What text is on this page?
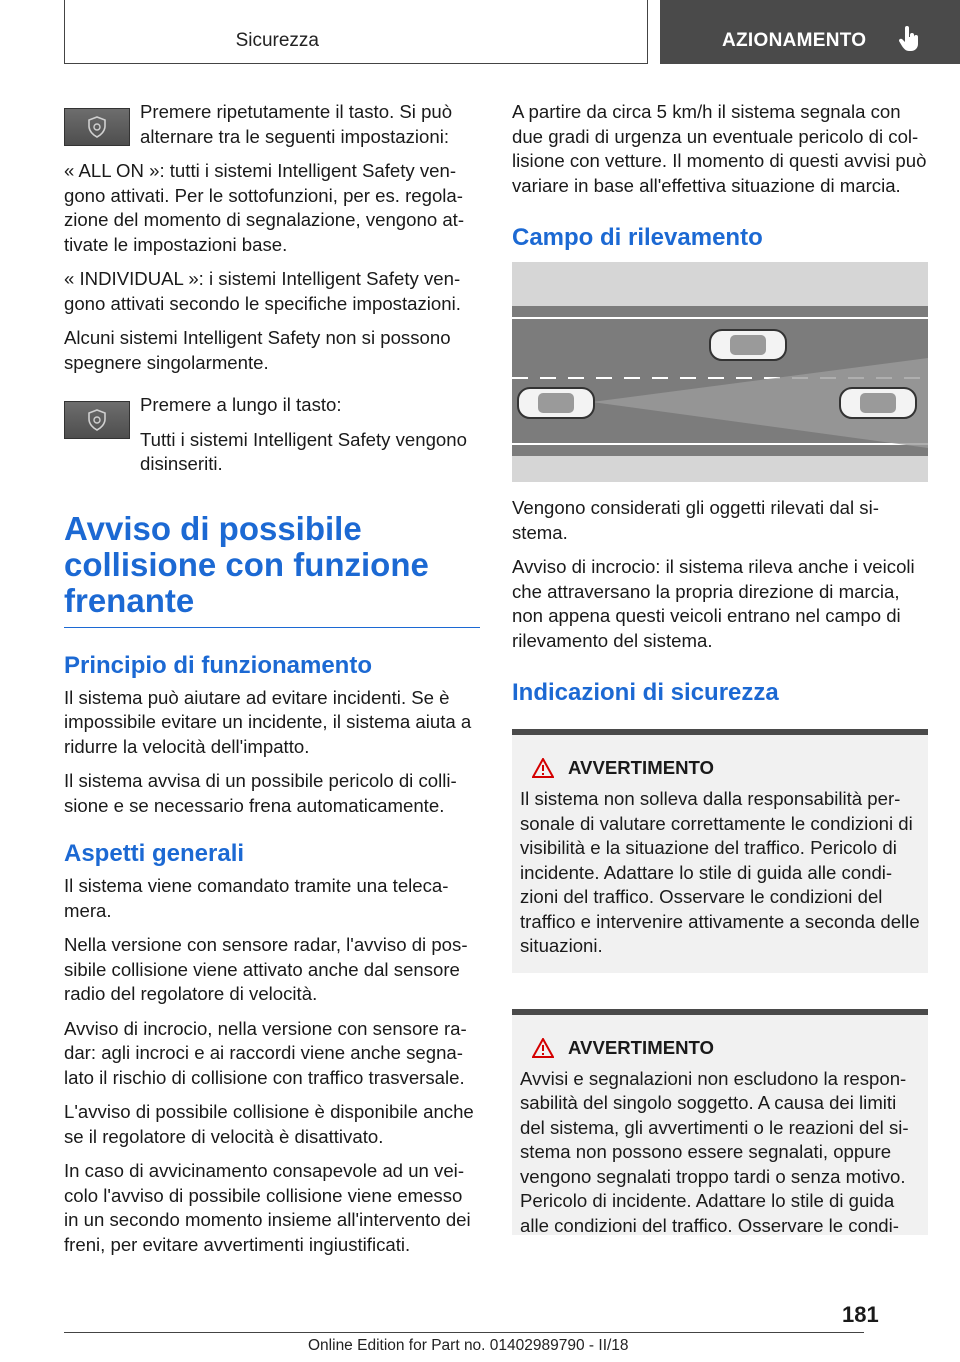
Sicurezza	AZIONAMENTO

Premere ripetutamente il tasto. Si può alternare tra le seguenti impostazioni:

« ALL ON »: tutti i sistemi Intelligent Safety vengono attivati. Per le sottofunzioni, per es. regolazione del momento di segnalazione, vengono attivate le impostazioni base.

« INDIVIDUAL »: i sistemi Intelligent Safety vengono attivati secondo le specifiche impostazioni.

Alcuni sistemi Intelligent Safety non si possono spegnere singolarmente.

Premere a lungo il tasto:

Tutti i sistemi Intelligent Safety vengono disinseriti.

Avviso di possibile collisione con funzione frenante
Principio di funzionamento

Il sistema può aiutare ad evitare incidenti. Se è impossibile evitare un incidente, il sistema aiuta a ridurre la velocità dell'impatto.

Il sistema avvisa di un possibile pericolo di collisione e se necessario frena automaticamente.

Aspetti generali

Il sistema viene comandato tramite una telecamera.

Nella versione con sensore radar, l'avviso di possibile collisione viene attivato anche dal sensore radio del regolatore di velocità.

Avviso di incrocio, nella versione con sensore radar: agli incroci e ai raccordi viene anche segnalato il rischio di collisione con traffico trasversale.

L'avviso di possibile collisione è disponibile anche se il regolatore di velocità è disattivato.

In caso di avvicinamento consapevole ad un veicolo l'avviso di possibile collisione viene emesso in un secondo momento insieme all'intervento dei freni, per evitare avvertimenti ingiustificati.

A partire da circa 5 km/h il sistema segnala con due gradi di urgenza un eventuale pericolo di collisione con vetture. Il momento di questi avvisi può variare in base all'effettiva situazione di marcia.

Campo di rilevamento

Vengono considerati gli oggetti rilevati dal sistema.

Avviso di incrocio: il sistema rileva anche i veicoli che attraversano la propria direzione di marcia, non appena questi veicoli entrano nel campo di rilevamento del sistema.

Indicazioni di sicurezza
AVVERTIMENTO

Il sistema non solleva dalla responsabilità personale di valutare correttamente le condizioni di visibilità e la situazione del traffico. Pericolo di incidente. Adattare lo stile di guida alle condizioni del traffico. Osservare le condizioni del traffico e intervenire attivamente a seconda delle situazioni.

AVVERTIMENTO

Avvisi e segnalazioni non escludono la responsabilità del singolo soggetto. A causa dei limiti del sistema, gli avvertimenti o le reazioni del sistema non possono essere segnalati, oppure vengono segnalati troppo tardi o senza motivo. Pericolo di incidente. Adattare lo stile di guida alle condizioni del traffico. Osservare le condi-

181
Online Edition for Part no. 01402989790 - II/18
